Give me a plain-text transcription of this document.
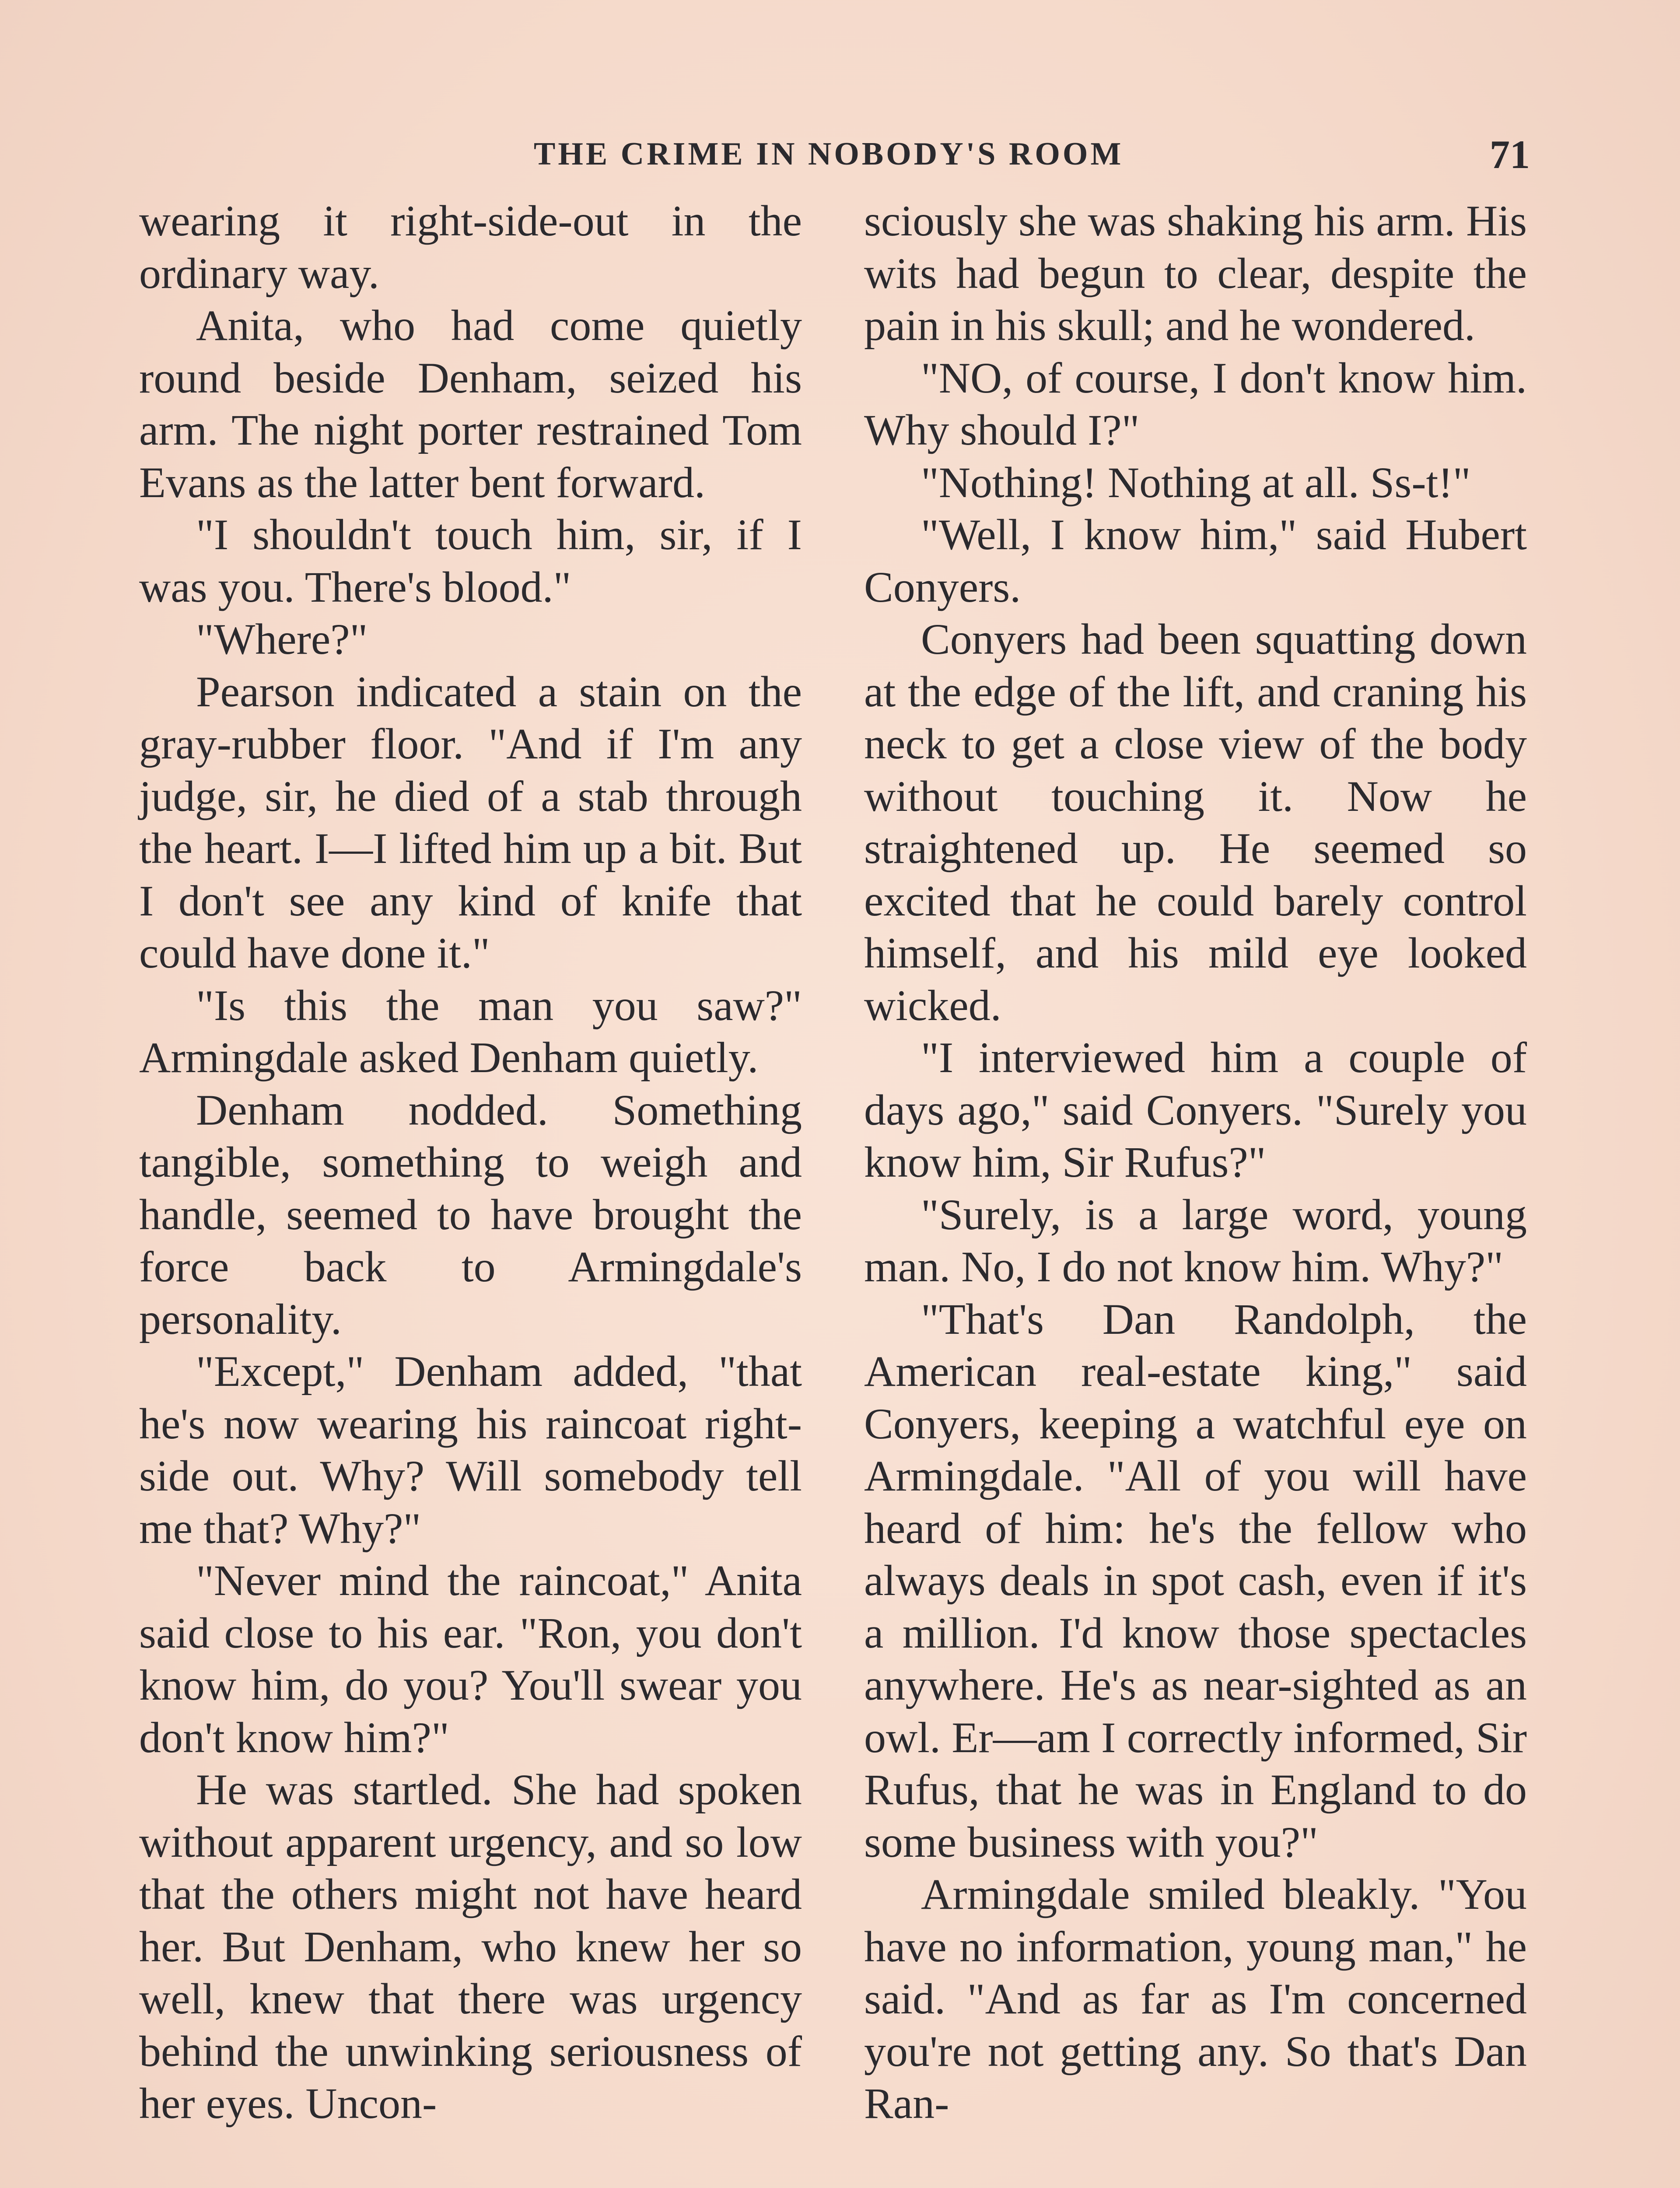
THE CRIME IN NOBODY'S ROOM	71

wearing it right-side-out in the ordinary way.

Anita, who had come quietly round beside Denham, seized his arm. The night porter restrained Tom Evans as the latter bent forward.

"I shouldn't touch him, sir, if I was you. There's blood."

"Where?"

Pearson indicated a stain on the gray-rubber floor. "And if I'm any judge, sir, he died of a stab through the heart. I—I lifted him up a bit. But I don't see any kind of knife that could have done it."

"Is this the man you saw?" Armingdale asked Denham quietly.

Denham nodded. Something tangible, something to weigh and handle, seemed to have brought the force back to Armingdale's personality.

"Except," Denham added, "that he's now wearing his raincoat right-side out. Why? Will somebody tell me that? Why?"

"Never mind the raincoat," Anita said close to his ear. "Ron, you don't know him, do you? You'll swear you don't know him?"

He was startled. She had spoken without apparent urgency, and so low that the others might not have heard her. But Denham, who knew her so well, knew that there was urgency behind the unwinking seriousness of her eyes. Uncon-

sciously she was shaking his arm. His wits had begun to clear, despite the pain in his skull; and he wondered.

"NO, of course, I don't know him. Why should I?"

"Nothing! Nothing at all. Ss-t!"

"Well, I know him," said Hubert Conyers.

Conyers had been squatting down at the edge of the lift, and craning his neck to get a close view of the body without touching it. Now he straightened up. He seemed so excited that he could barely control himself, and his mild eye looked wicked.

"I interviewed him a couple of days ago," said Conyers. "Surely you know him, Sir Rufus?"

"Surely, is a large word, young man. No, I do not know him. Why?"

"That's Dan Randolph, the American real-estate king," said Conyers, keeping a watchful eye on Armingdale. "All of you will have heard of him: he's the fellow who always deals in spot cash, even if it's a million. I'd know those spectacles anywhere. He's as near-sighted as an owl. Er—am I correctly informed, Sir Rufus, that he was in England to do some business with you?"

Armingdale smiled bleakly. "You have no information, young man," he said. "And as far as I'm concerned you're not getting any. So that's Dan Ran-
